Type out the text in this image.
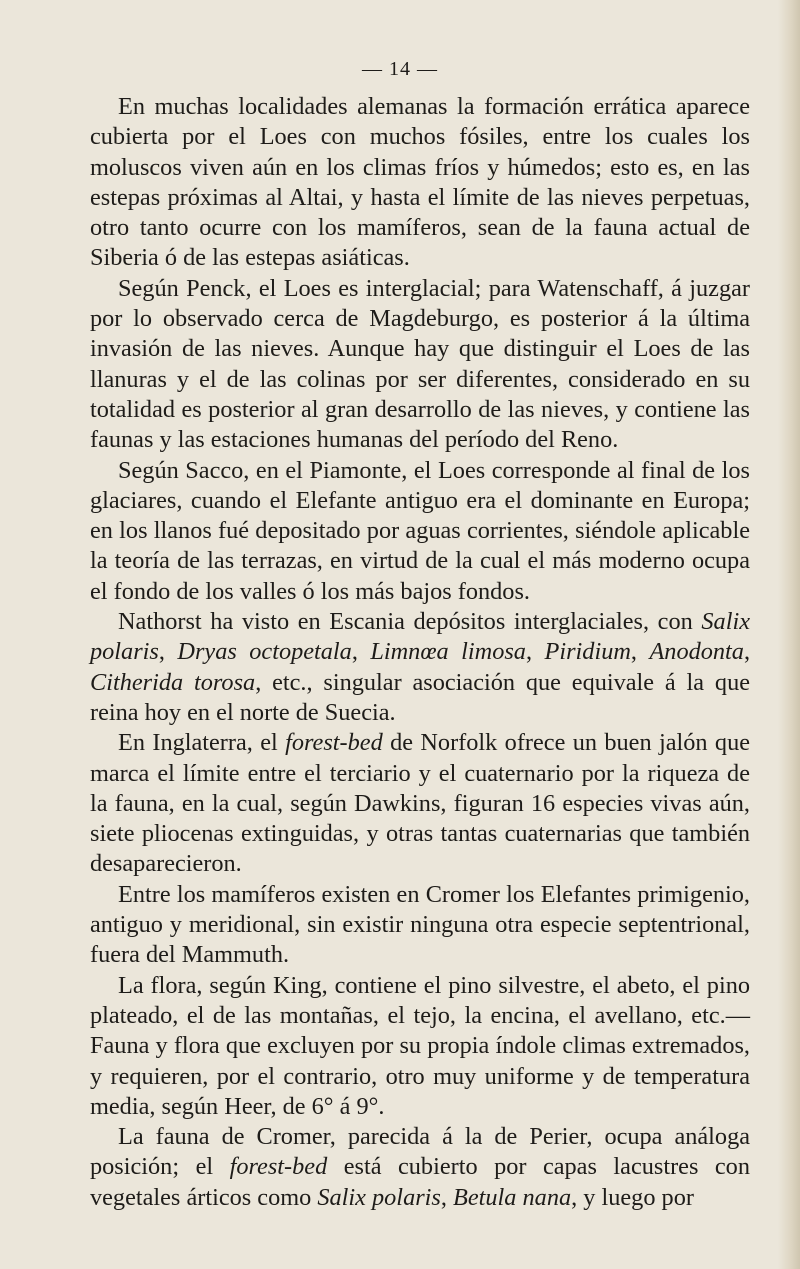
— 14 —

En muchas localidades alemanas la formación errática aparece cubierta por el Loes con muchos fósiles, entre los cuales los moluscos viven aún en los climas fríos y húmedos; esto es, en las estepas próximas al Altai, y hasta el límite de las nieves perpetuas, otro tanto ocurre con los mamíferos, sean de la fauna actual de Siberia ó de las estepas asiáticas.

Según Penck, el Loes es interglacial; para Watenschaff, á juzgar por lo observado cerca de Magdeburgo, es posterior á la última invasión de las nieves. Aunque hay que distinguir el Loes de las llanuras y el de las colinas por ser diferentes, considerado en su totalidad es posterior al gran desarrollo de las nieves, y contiene las faunas y las estaciones humanas del período del Reno.

Según Sacco, en el Piamonte, el Loes corresponde al final de los glaciares, cuando el Elefante antiguo era el dominante en Europa; en los llanos fué depositado por aguas corrientes, siéndole aplicable la teoría de las terrazas, en virtud de la cual el más moderno ocupa el fondo de los valles ó los más bajos fondos.

Nathorst ha visto en Escania depósitos interglaciales, con Salix polaris, Dryas octopetala, Limnœa limosa, Piridium, Anodonta, Citherida torosa, etc., singular asociación que equivale á la que reina hoy en el norte de Suecia.

En Inglaterra, el forest-bed de Norfolk ofrece un buen jalón que marca el límite entre el terciario y el cuaternario por la riqueza de la fauna, en la cual, según Dawkins, figuran 16 especies vivas aún, siete pliocenas extinguidas, y otras tantas cuaternarias que también desaparecieron.

Entre los mamíferos existen en Cromer los Elefantes primigenio, antiguo y meridional, sin existir ninguna otra especie septentrional, fuera del Mammuth.

La flora, según King, contiene el pino silvestre, el abeto, el pino plateado, el de las montañas, el tejo, la encina, el avellano, etc.—Fauna y flora que excluyen por su propia índole climas extremados, y requieren, por el contrario, otro muy uniforme y de temperatura media, según Heer, de 6° á 9°.

La fauna de Cromer, parecida á la de Perier, ocupa análoga posición; el forest-bed está cubierto por capas lacustres con vegetales árticos como Salix polaris, Betula nana, y luego por
